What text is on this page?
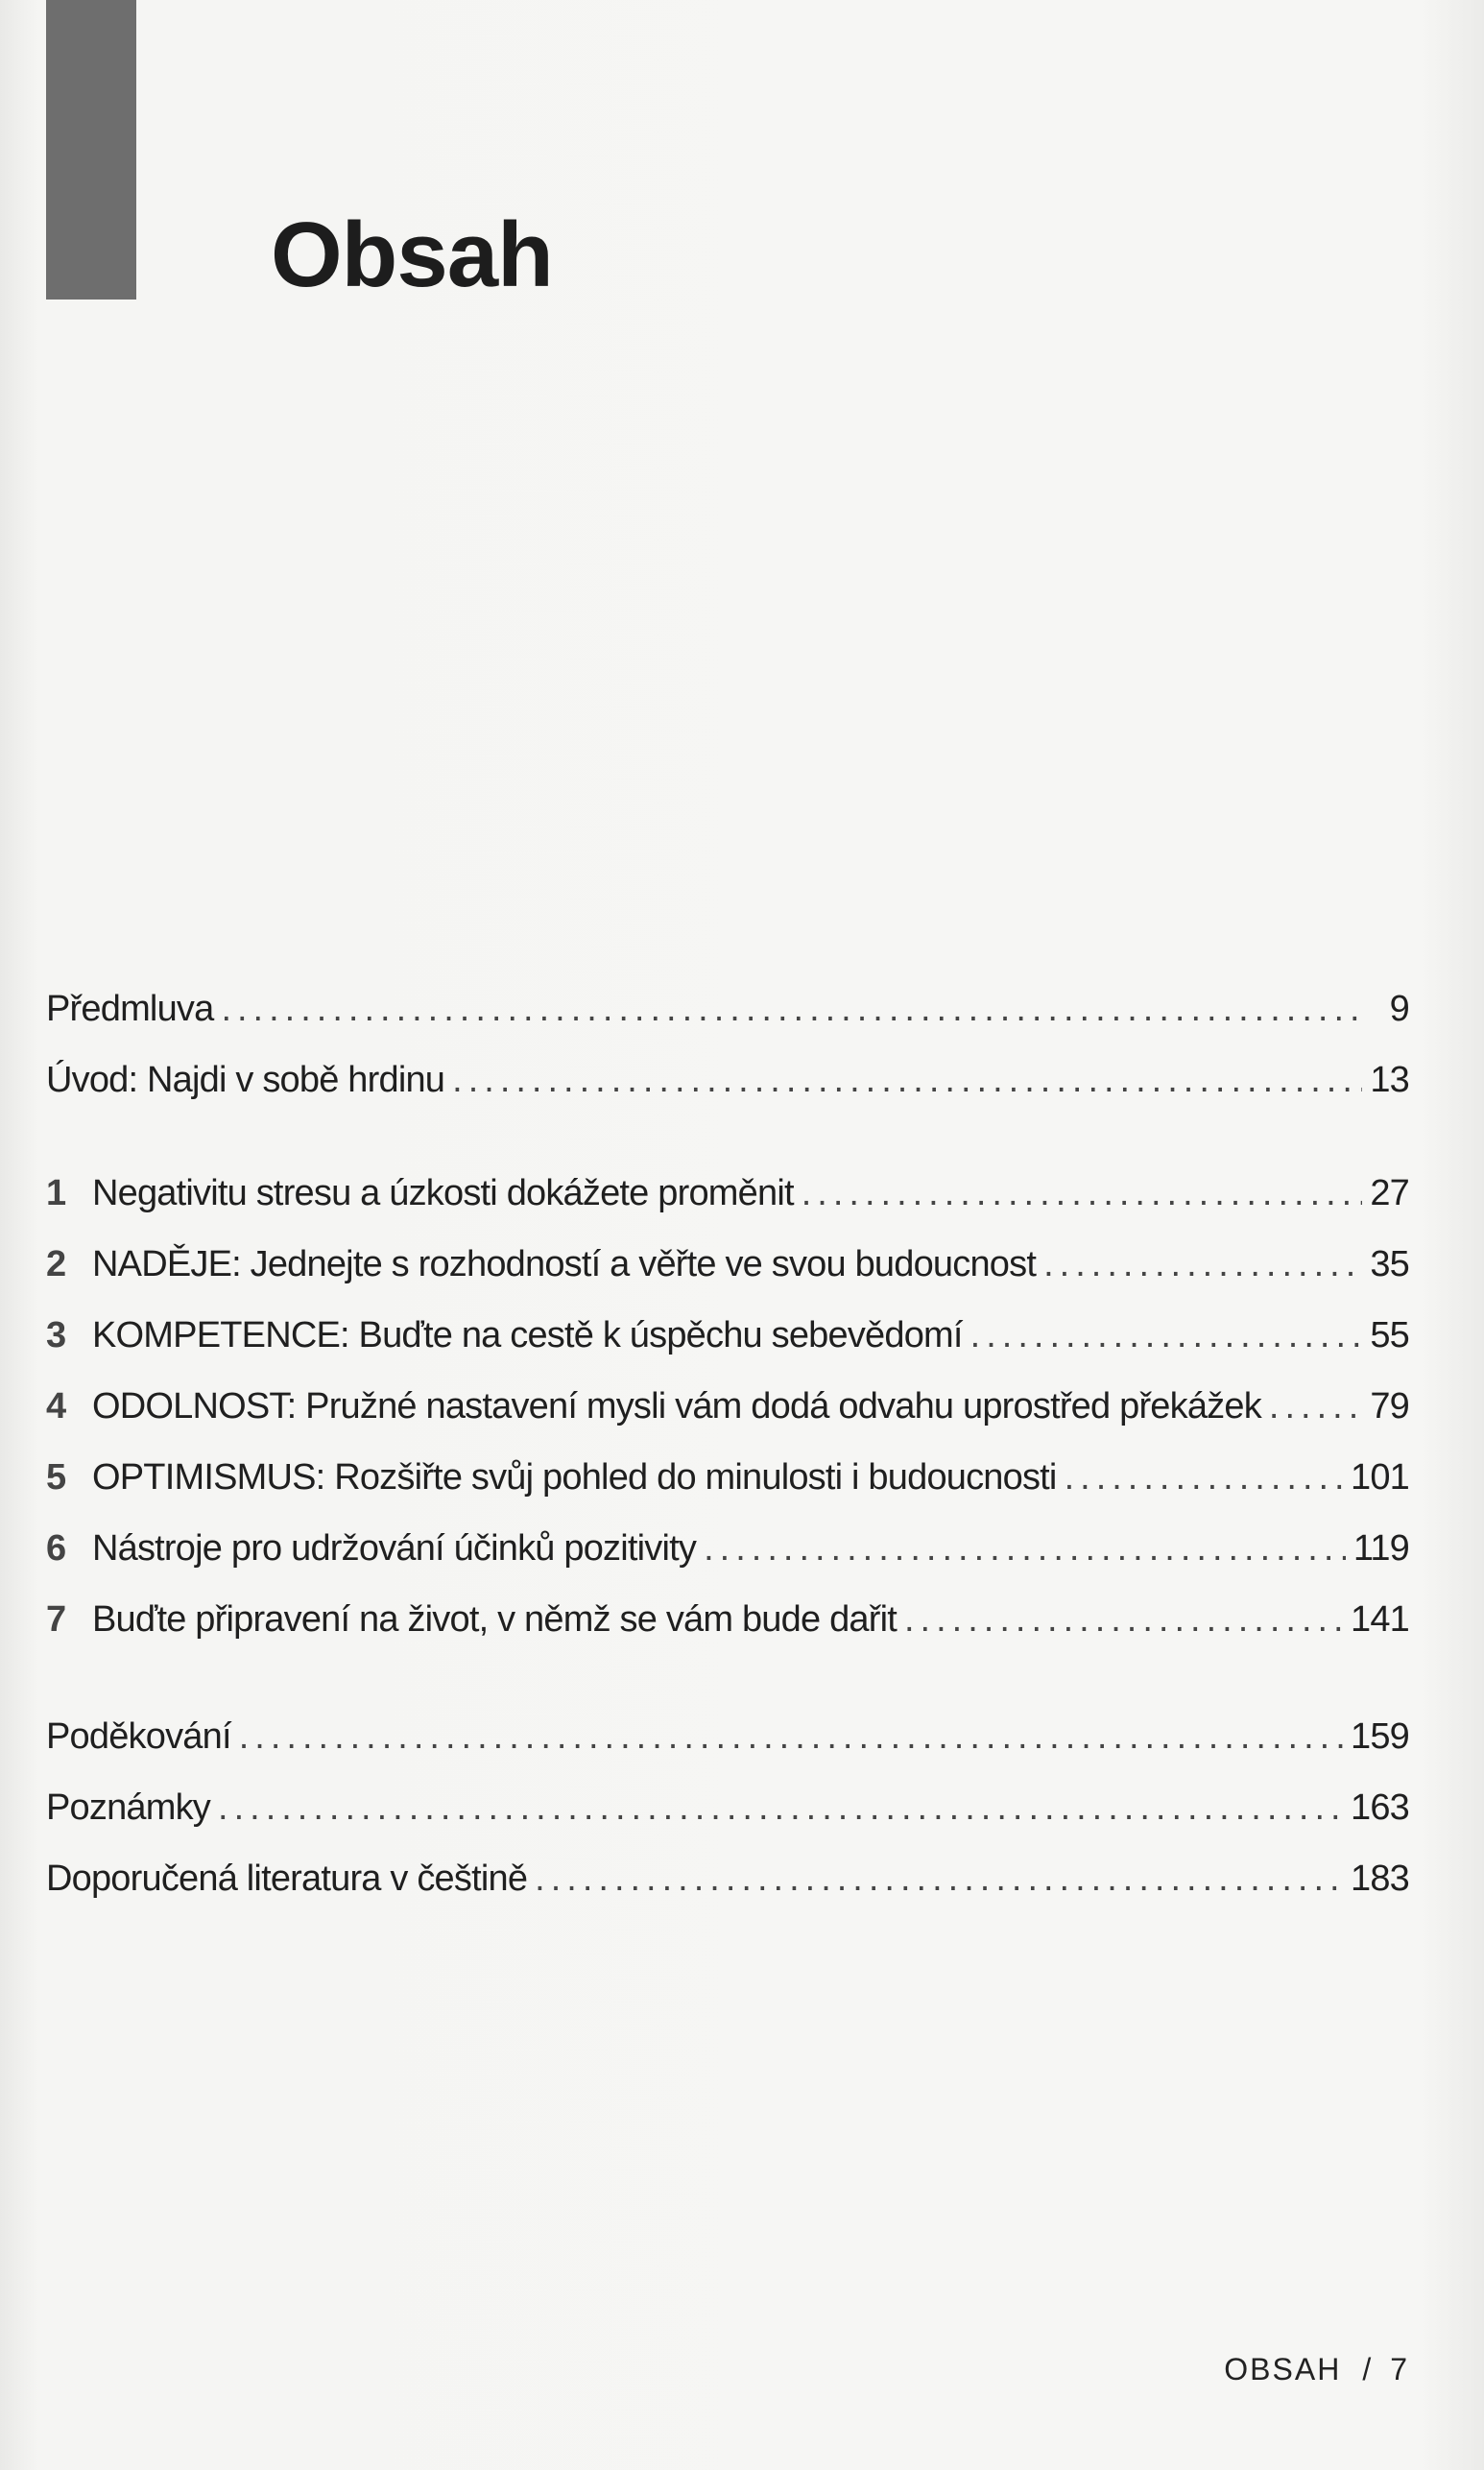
Obsah
Předmluva .....	9
Úvod: Najdi v sobě hrdinu .....	13
1 Negativitu stresu a úzkosti dokážete proměnit .....	27
2 NADĚJE: Jednejte s rozhodností a věřte ve svou budoucnost .....	35
3 KOMPETENCE: Buďte na cestě k úspěchu sebevědomí .....	55
4 ODOLNOST: Pružné nastavení mysli vám dodá odvahu uprostřed překážek .....	79
5 OPTIMISMUS: Rozšiřte svůj pohled do minulosti i budoucnosti .....	101
6 Nástroje pro udržování účinků pozitivity .....	119
7 Buďte připravení na život, v němž se vám bude dařit .....	141
Poděkování .....	159
Poznámky .....	163
Doporučená literatura v češtině .....	183
OBSAH / 7
